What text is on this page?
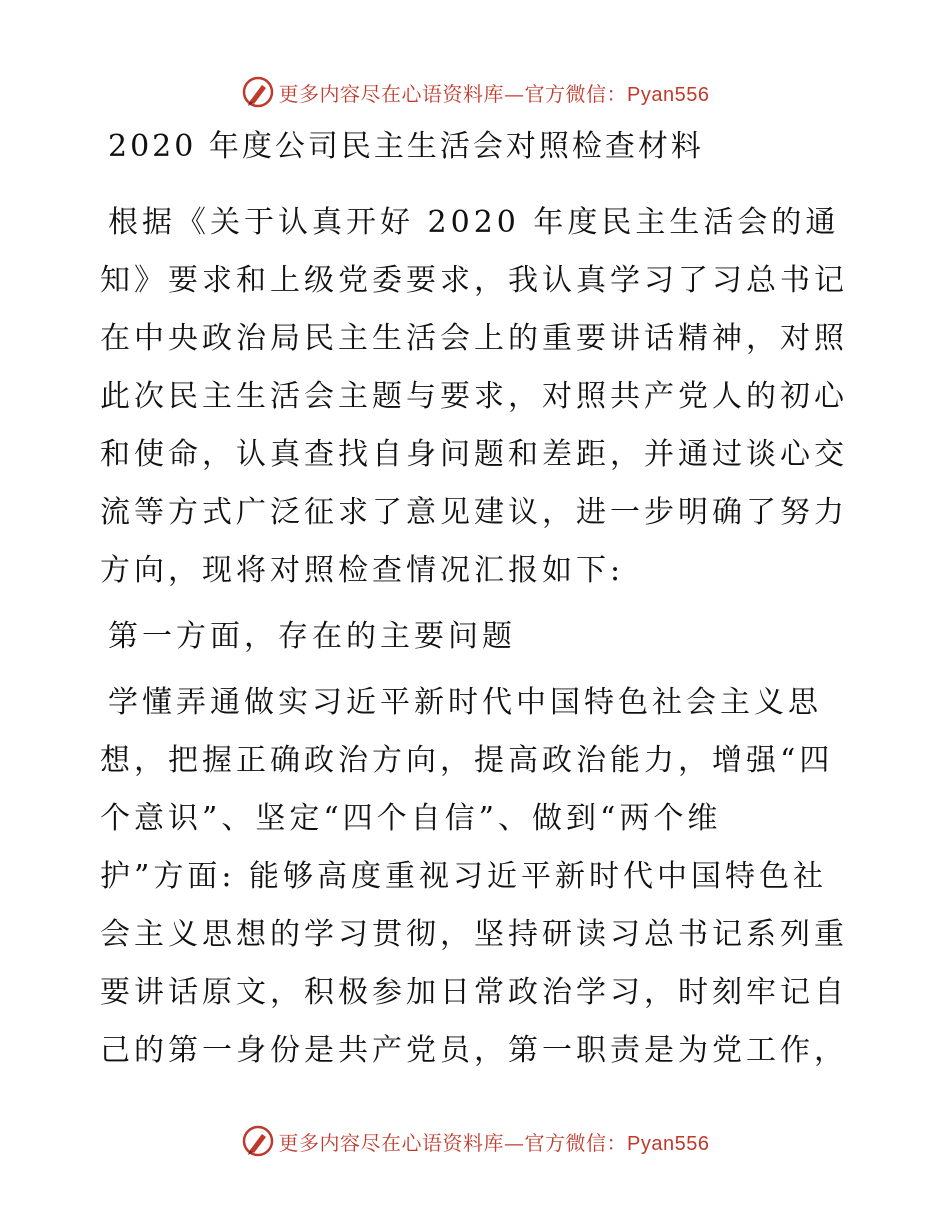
更多内容尽在心语资料库—官方微信：Pyan556
2020 年度公司民主生活会对照检查材料
根据《关于认真开好 2020 年度民主生活会的通
知》要求和上级党委要求，我认真学习了习总书记
在中央政治局民主生活会上的重要讲话精神，对照
此次民主生活会主题与要求，对照共产党人的初心
和使命，认真查找自身问题和差距，并通过谈心交
流等方式广泛征求了意见建议，进一步明确了努力
方向，现将对照检查情况汇报如下:
第一方面，存在的主要问题
学懂弄通做实习近平新时代中国特色社会主义思
想，把握正确政治方向，提高政治能力，增强“四
个意识”、坚定“四个自信”、做到“两个维
护”方面: 能够高度重视习近平新时代中国特色社
会主义思想的学习贯彻，坚持研读习总书记系列重
要讲话原文，积极参加日常政治学习，时刻牢记自
己的第一身份是共产党员，第一职责是为党工作，
更多内容尽在心语资料库—官方微信：Pyan556
